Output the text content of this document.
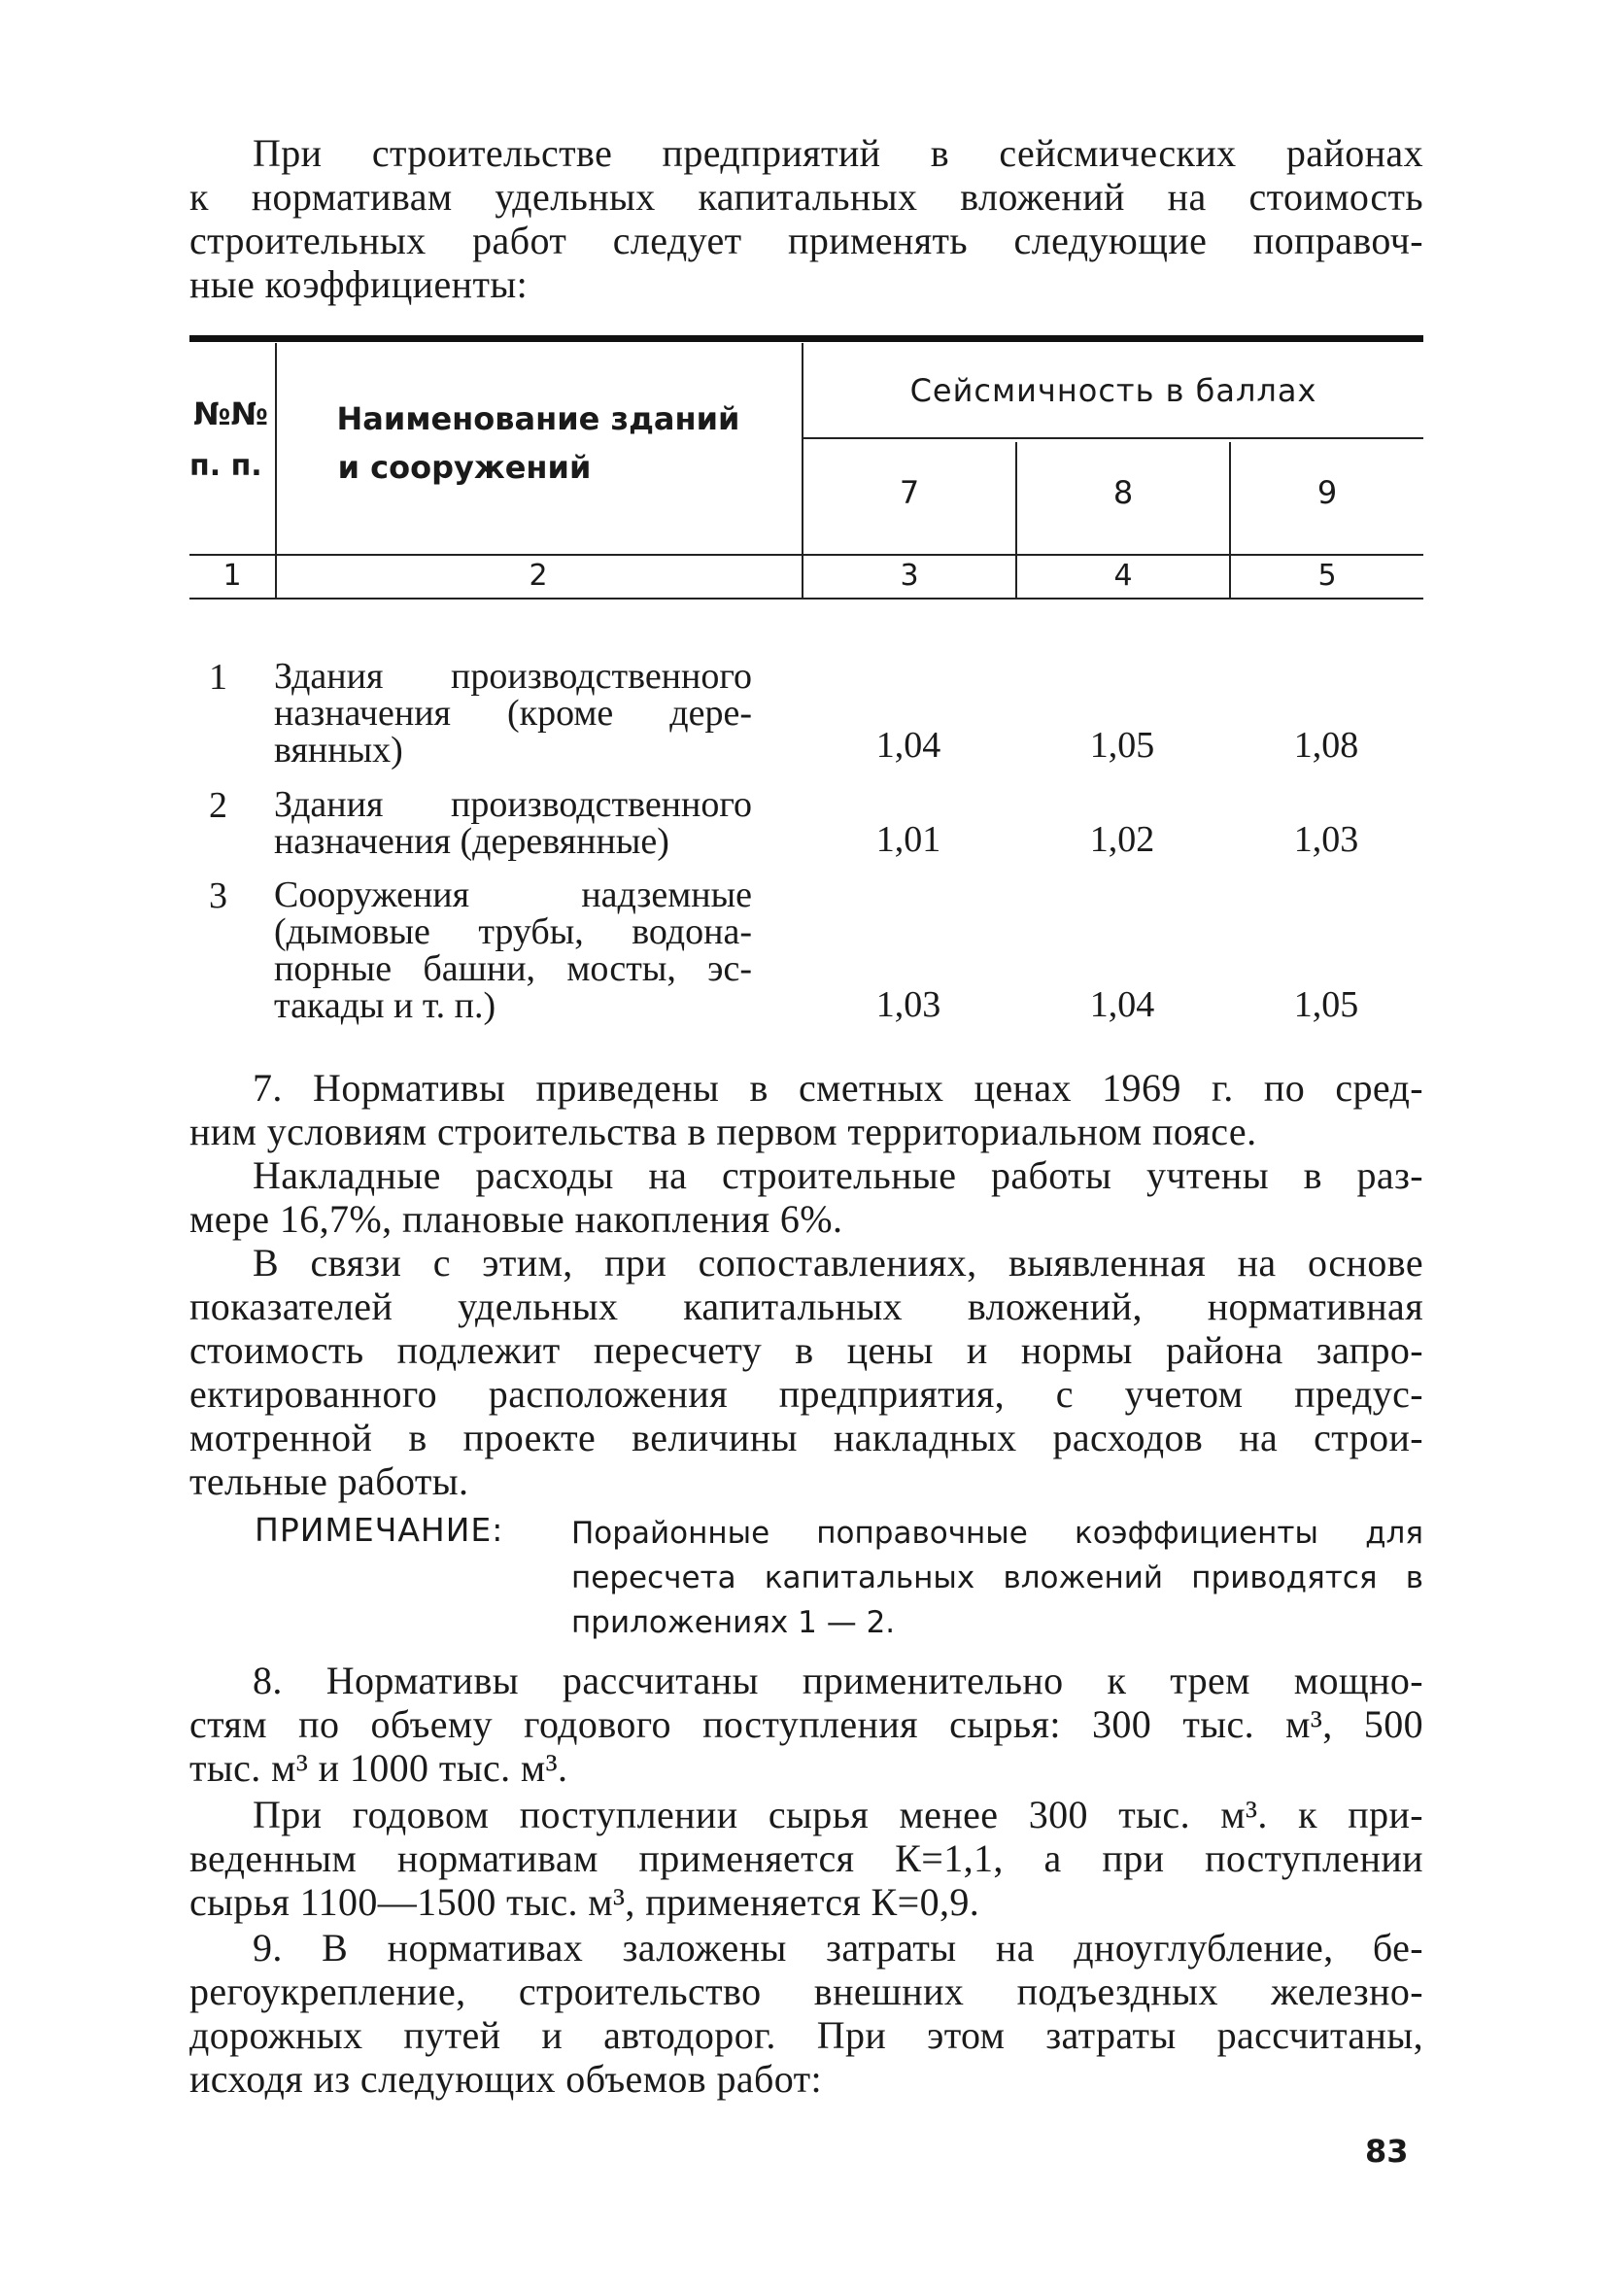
При строительстве предприятий в сейсмических районах
к нормативам удельных капитальных вложений на стоимость
строительных работ следует применять следующие поправоч-
ные коэффициенты:
№№
п. п.
Наименование зданий
и сооружений
Сейсмичность в баллах
7	8	9
1	2	3	4	5
1 Здания производственного
назначения (кроме дере-
вянных)	1,04	1,05	1,08
2 Здания производственного
назначения (деревянные)	1,01	1,02	1,03
3 Сооружения надземные
(дымовые трубы, водона-
порные башни, мосты, эс-
такады и т. п.)	1,03	1,04	1,05
7. Нормативы приведены в сметных ценах 1969 г. по сред-
ним условиям строительства в первом территориальном поясе.
Накладные расходы на строительные работы учтены в раз-
мере 16,7%, плановые накопления 6%.
В связи с этим, при сопоставлениях, выявленная на основе
показателей удельных капитальных вложений, нормативная
стоимость подлежит пересчету в цены и нормы района запро-
ектированного расположения предприятия, с учетом предус-
мотренной в проекте величины накладных расходов на строи-
тельные работы.
ПРИМЕЧАНИЕ: Порайонные поправочные коэффициенты для
пересчета капитальных вложений приводятся в
приложениях 1 — 2.
8. Нормативы рассчитаны применительно к трем мощно-
стям по объему годового поступления сырья: 300 тыс. м³, 500
тыс. м³ и 1000 тыс. м³.
При годовом поступлении сырья менее 300 тыс. м³. к при-
веденным нормативам применяется К=1,1, а при поступлении
сырья 1100—1500 тыс. м³, применяется К=0,9.
9. В нормативах заложены затраты на дноуглубление, бе-
регоукрепление, строительство внешних подъездных железно-
дорожных путей и автодорог. При этом затраты рассчитаны,
исходя из следующих объемов работ:
83
